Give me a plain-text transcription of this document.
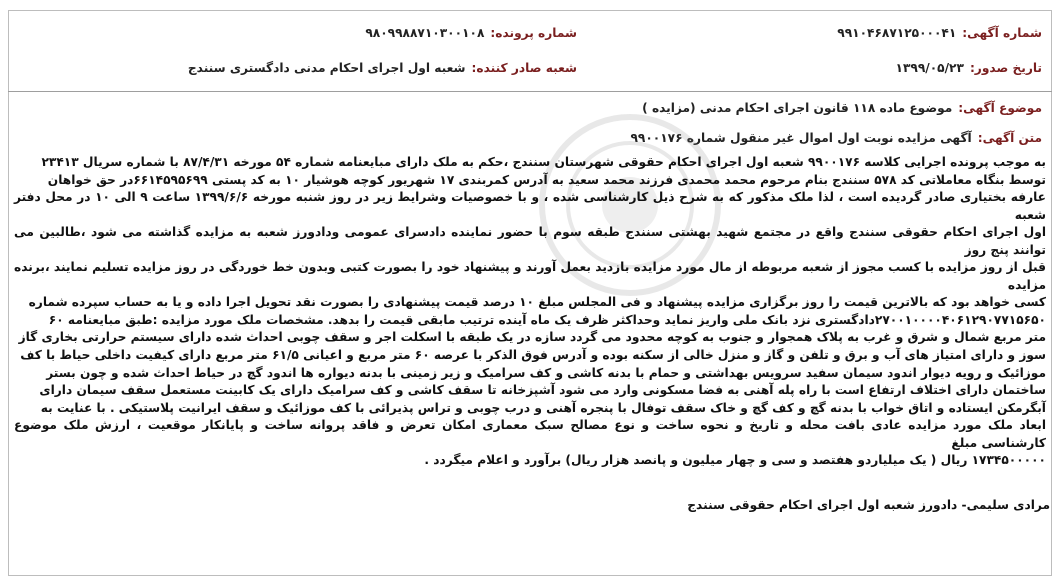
شماره آگهی:۹۹۱۰۴۶۸۷۱۲۵۰۰۰۴۱
شماره پرونده:۹۸۰۹۹۸۸۷۱۰۳۰۰۱۰۸
تاریخ صدور:۱۳۹۹/۰۵/۲۳
شعبه صادر کننده:شعبه اول اجرای احکام مدنی دادگستری سنندج
موضوع آگهی:موضوع ماده ۱۱۸ قانون اجرای احکام مدنی (مزایده )
متن آگهی:آگهی مزایده نوبت اول اموال غیر منقول شماره ۹۹۰۰۱۷۶
به موجب پرونده اجرایی کلاسه ۹۹۰۰۱۷۶ شعبه اول اجرای احکام حقوقی شهرستان سنندج ،حکم به ملک دارای مبایعنامه شماره ۵۴ مورخه ۸۷/۴/۳۱ با شماره سریال ۲۳۴۱۳
توسط بنگاه معاملاتی کد ۵۷۸ سنندج بنام مرحوم محمد محمدی فرزند محمد سعید به آدرس کمربندی ۱۷ شهریور کوچه هوشیار ۱۰ به کد پستی ۶۶۱۴۵۹۵۶۹۹در حق خواهان
عارفه بختیاری صادر گردیده است ، لذا ملک مذکور که به شرح ذیل کارشناسی شده ، و با خصوصیات وشرایط زیر در روز شنبه مورخه ۱۳۹۹/۶/۶ ساعت ۹ الی ۱۰ در محل دفتر شعبه
اول اجرای احکام حقوقی سنندج واقع در مجتمع شهید بهشتی سنندج طبقه سوم با حضور نماینده دادسرای عمومی ودادورز شعبه به مزایده گذاشته می شود ،طالبین می توانند پنج روز
قبل از روز مزایده با کسب مجوز از شعبه مربوطه از مال مورد مزایده بازدید بعمل آورند و پیشنهاد خود را بصورت کتبی وبدون خط خوردگی در روز مزایده تسلیم نمایند ،برنده مزایده
کسی خواهد بود که بالاترین قیمت را روز برگزاری مزایده پیشنهاد و فی المجلس مبلغ ۱۰ درصد قیمت پیشنهادی را بصورت نقد تحویل اجرا داده و یا به حساب سپرده شماره
۲۷۰۰۱۰۰۰۰۴۰۶۱۲۹۰۷۷۱۵۶۵۰دادگستری نزد بانک ملی واریز نماید وحداکثر ظرف یک ماه آینده ترتیب مابقی قیمت را بدهد. مشخصات ملک مورد مزایده :طبق مبایعنامه ۶۰
متر مربع شمال و شرق و غرب به پلاک همجوار و جنوب به کوچه محدود می گردد سازه در یک طبقه با اسکلت اجر و سقف چوبی احداث شده دارای سیستم حرارتی بخاری گاز
سوز و دارای امتیاز های آب و برق و تلفن و گاز و منزل خالی از سکنه بوده و آدرس فوق الذکر با عرصه ۶۰ متر مربع و اعیانی ۶۱/۵ متر مربع دارای کیفیت داخلی حیاط با کف
موزائیک و رویه دیوار اندود سیمان سفید سرویس بهداشتی و حمام با بدنه کاشی و کف سرامیک و زیر زمینی با بدنه دیواره ها اندود گچ در حیاط احداث شده و چون بستر
ساختمان دارای اختلاف ارتفاع است با راه پله آهنی به فضا مسکونی وارد می شود آشپزخانه تا سقف کاشی و کف سرامیک دارای یک کابینت مستعمل سقف سیمان دارای
آبگرمکن ایستاده و اتاق خواب با بدنه گچ و کف گچ و خاک سقف توفال با پنجره آهنی و درب چوبی و تراس پذیرائی با کف موزائیک و سقف ایرانیت پلاستیکی . با عنایت به
ابعاد ملک مورد مزایده عادی بافت محله و تاریخ و نحوه ساخت و نوع مصالح سبک معماری امکان تعرض و فاقد پروانه ساخت و پایانکار موقعیت ، ارزش ملک موضوع کارشناسی مبلغ
۱۷۳۴۵۰۰۰۰۰ ریال ( یک میلیاردو هفتصد و سی و چهار میلیون و پانصد هزار ریال) برآورد و اعلام میگردد .
مرادی سلیمی- دادورز شعبه اول اجرای احکام حقوقی سنندج
